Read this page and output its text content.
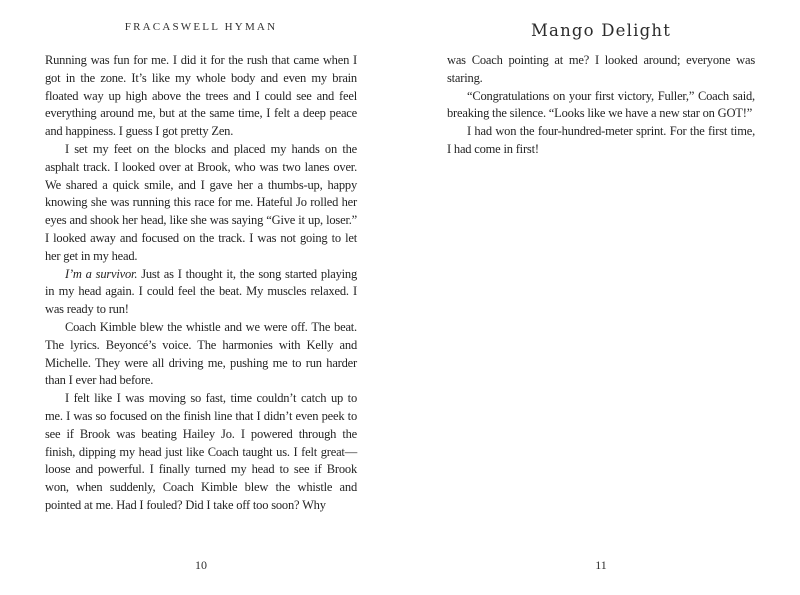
FRACASWELL HYMAN

Running was fun for me. I did it for the rush that came when I got in the zone. It’s like my whole body and even my brain floated way up high above the trees and I could see and feel everything around me, but at the same time, I felt a deep peace and happiness. I guess I got pretty Zen.

I set my feet on the blocks and placed my hands on the asphalt track. I looked over at Brook, who was two lanes over. We shared a quick smile, and I gave her a thumbs-up, happy knowing she was running this race for me. Hateful Jo rolled her eyes and shook her head, like she was saying “Give it up, loser.” I looked away and focused on the track. I was not going to let her get in my head.

I’m a survivor. Just as I thought it, the song started playing in my head again. I could feel the beat. My muscles relaxed. I was ready to run!

Coach Kimble blew the whistle and we were off. The beat. The lyrics. Beyoncé’s voice. The harmonies with Kelly and Michelle. They were all driving me, pushing me to run harder than I ever had before.

I felt like I was moving so fast, time couldn’t catch up to me. I was so focused on the finish line that I didn’t even peek to see if Brook was beating Hailey Jo. I powered through the finish, dipping my head just like Coach taught us. I felt great—loose and powerful. I finally turned my head to see if Brook won, when suddenly, Coach Kimble blew the whistle and pointed at me. Had I fouled? Did I take off too soon? Why

10
Mango Delight

was Coach pointing at me? I looked around; everyone was staring.

“Congratulations on your first victory, Fuller,” Coach said, breaking the silence. “Looks like we have a new star on GOT!”

I had won the four-hundred-meter sprint. For the first time, I had come in first!

11
